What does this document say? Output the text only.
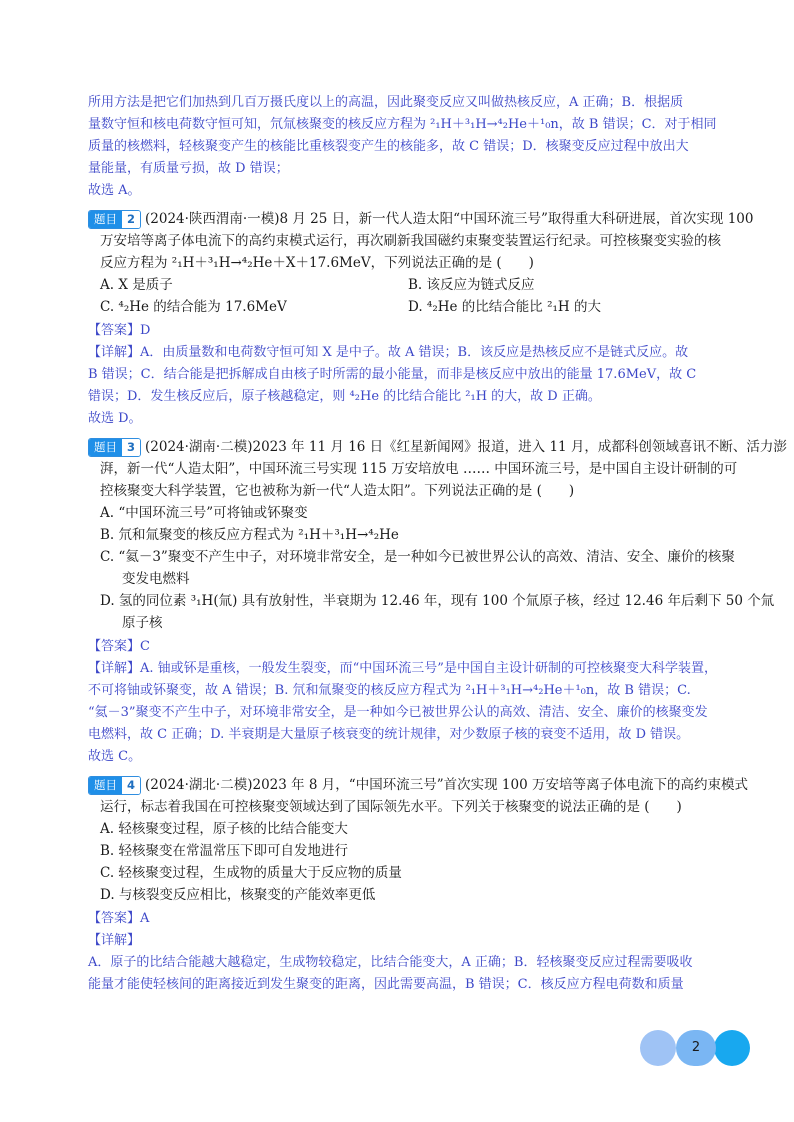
所用方法是把它们加热到几百万摄氏度以上的高温，因此聚变反应又叫做热核反应，A 正确；B．根据质
量数守恒和核电荷数守恒可知，氘氚核聚变的核反应方程为 ²₁H＋³₁H→⁴₂He＋¹₀n，故 B 错误；C．对于相同
质量的核燃料，轻核聚变产生的核能比重核裂变产生的核能多，故 C 错误；D．核聚变反应过程中放出大
量能量，有质量亏损，故 D 错误；
故选 A。
题目 2 (2024·陕西渭南·一模)8 月 25 日，新一代人造太阳“中国环流三号”取得重大科研进展，首次实现 100
万安培等离子体电流下的高约束模式运行，再次刷新我国磁约束聚变装置运行纪录。可控核聚变实验的核
反应方程为 ²₁H＋³₁H→⁴₂He＋X＋17.6MeV，下列说法正确的是 (　　)
A. X 是质子	B. 该反应为链式反应
C. ⁴₂He 的结合能为 17.6MeV	D. ⁴₂He 的比结合能比 ²₁H 的大
【答案】D
【详解】A．由质量数和电荷数守恒可知 X 是中子。故 A 错误；B．该反应是热核反应不是链式反应。故
B 错误；C．结合能是把拆解成自由核子时所需的最小能量，而非是核反应中放出的能量 17.6MeV，故 C
错误；D．发生核反应后，原子核越稳定，则 ⁴₂He 的比结合能比 ²₁H 的大，故 D 正确。
故选 D。
题目 3 (2024·湖南·二模)2023 年 11 月 16 日《红星新闻网》报道，进入 11 月，成都科创领域喜讯不断、活力澎
湃，新一代“人造太阳”，中国环流三号实现 115 万安培放电 …… 中国环流三号，是中国自主设计研制的可
控核聚变大科学装置，它也被称为新一代“人造太阳”。下列说法正确的是 (　　)
A. “中国环流三号”可将铀或钚聚变
B. 氘和氚聚变的核反应方程式为 ²₁H＋³₁H→⁴₂He
C. “氦－3”聚变不产生中子，对环境非常安全，是一种如今已被世界公认的高效、清洁、安全、廉价的核聚
变发电燃料
D. 氢的同位素 ³₁H(氚) 具有放射性，半衰期为 12.46 年，现有 100 个氚原子核，经过 12.46 年后剩下 50 个氚
原子核
【答案】C
【详解】A. 铀或钚是重核，一般发生裂变，而“中国环流三号”是中国自主设计研制的可控核聚变大科学装置，
不可将铀或钚聚变，故 A 错误；B. 氘和氚聚变的核反应方程式为 ²₁H＋³₁H→⁴₂He＋¹₀n，故 B 错误；C.
“氦－3”聚变不产生中子，对环境非常安全，是一种如今已被世界公认的高效、清洁、安全、廉价的核聚变发
电燃料，故 C 正确；D. 半衰期是大量原子核衰变的统计规律，对少数原子核的衰变不适用，故 D 错误。
故选 C。
题目 4 (2024·湖北·二模)2023 年 8 月，“中国环流三号”首次实现 100 万安培等离子体电流下的高约束模式
运行，标志着我国在可控核聚变领域达到了国际领先水平。下列关于核聚变的说法正确的是 (　　)
A. 轻核聚变过程，原子核的比结合能变大
B. 轻核聚变在常温常压下即可自发地进行
C. 轻核聚变过程，生成物的质量大于反应物的质量
D. 与核裂变反应相比，核聚变的产能效率更低
【答案】A
【详解】
A．原子的比结合能越大越稳定，生成物较稳定，比结合能变大，A 正确；B．轻核聚变反应过程需要吸收
能量才能使轻核间的距离接近到发生聚变的距离，因此需要高温，B 错误；C．核反应方程电荷数和质量
2
